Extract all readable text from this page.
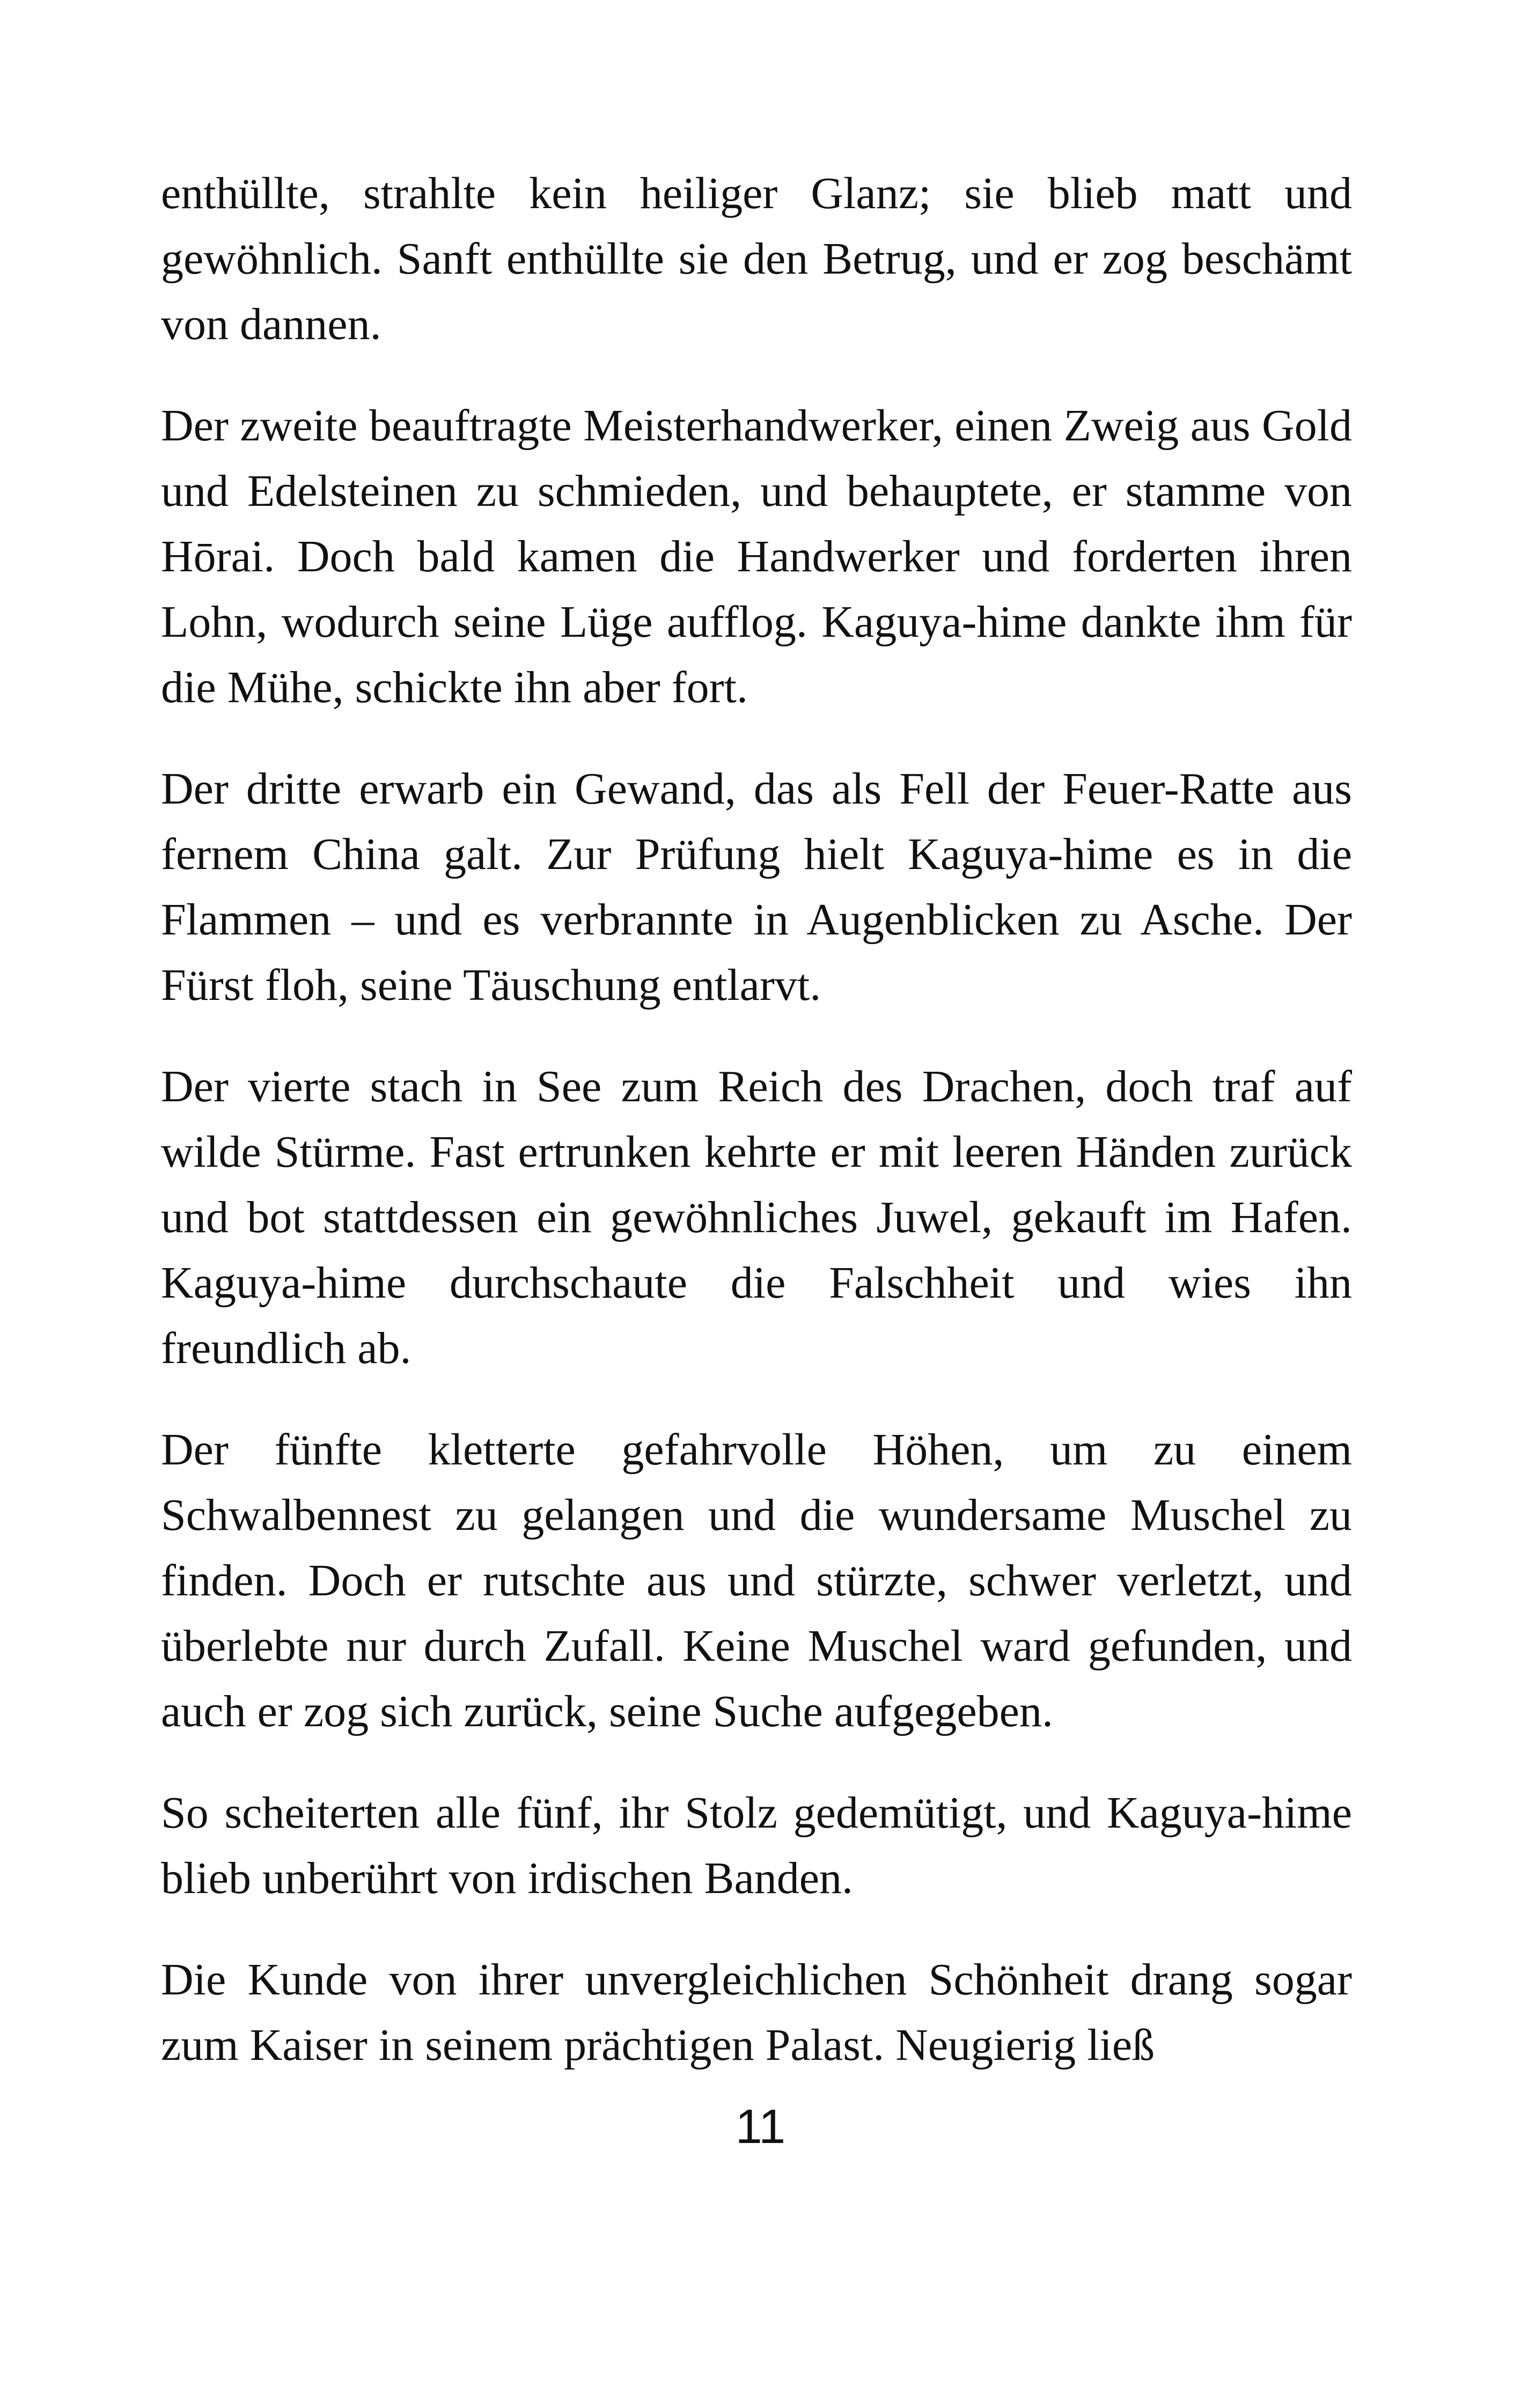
enthüllte, strahlte kein heiliger Glanz; sie blieb matt und gewöhnlich. Sanft enthüllte sie den Betrug, und er zog beschämt von dannen.

Der zweite beauftragte Meisterhandwerker, einen Zweig aus Gold und Edelsteinen zu schmieden, und behauptete, er stamme von Hōrai. Doch bald kamen die Handwerker und forderten ihren Lohn, wodurch seine Lüge aufflog. Kaguya-hime dankte ihm für die Mühe, schickte ihn aber fort.

Der dritte erwarb ein Gewand, das als Fell der Feuer-Ratte aus fernem China galt. Zur Prüfung hielt Kaguya-hime es in die Flammen – und es verbrannte in Augenblicken zu Asche. Der Fürst floh, seine Täuschung entlarvt.

Der vierte stach in See zum Reich des Drachen, doch traf auf wilde Stürme. Fast ertrunken kehrte er mit leeren Händen zurück und bot stattdessen ein gewöhnliches Juwel, gekauft im Hafen. Kaguya-hime durchschaute die Falschheit und wies ihn freundlich ab.

Der fünfte kletterte gefahrvolle Höhen, um zu einem Schwalbennest zu gelangen und die wundersame Muschel zu finden. Doch er rutschte aus und stürzte, schwer verletzt, und überlebte nur durch Zufall. Keine Muschel ward gefunden, und auch er zog sich zurück, seine Suche aufgegeben.

So scheiterten alle fünf, ihr Stolz gedemütigt, und Kaguya-hime blieb unberührt von irdischen Banden.

Die Kunde von ihrer unvergleichlichen Schönheit drang sogar zum Kaiser in seinem prächtigen Palast. Neugierig ließ

11
